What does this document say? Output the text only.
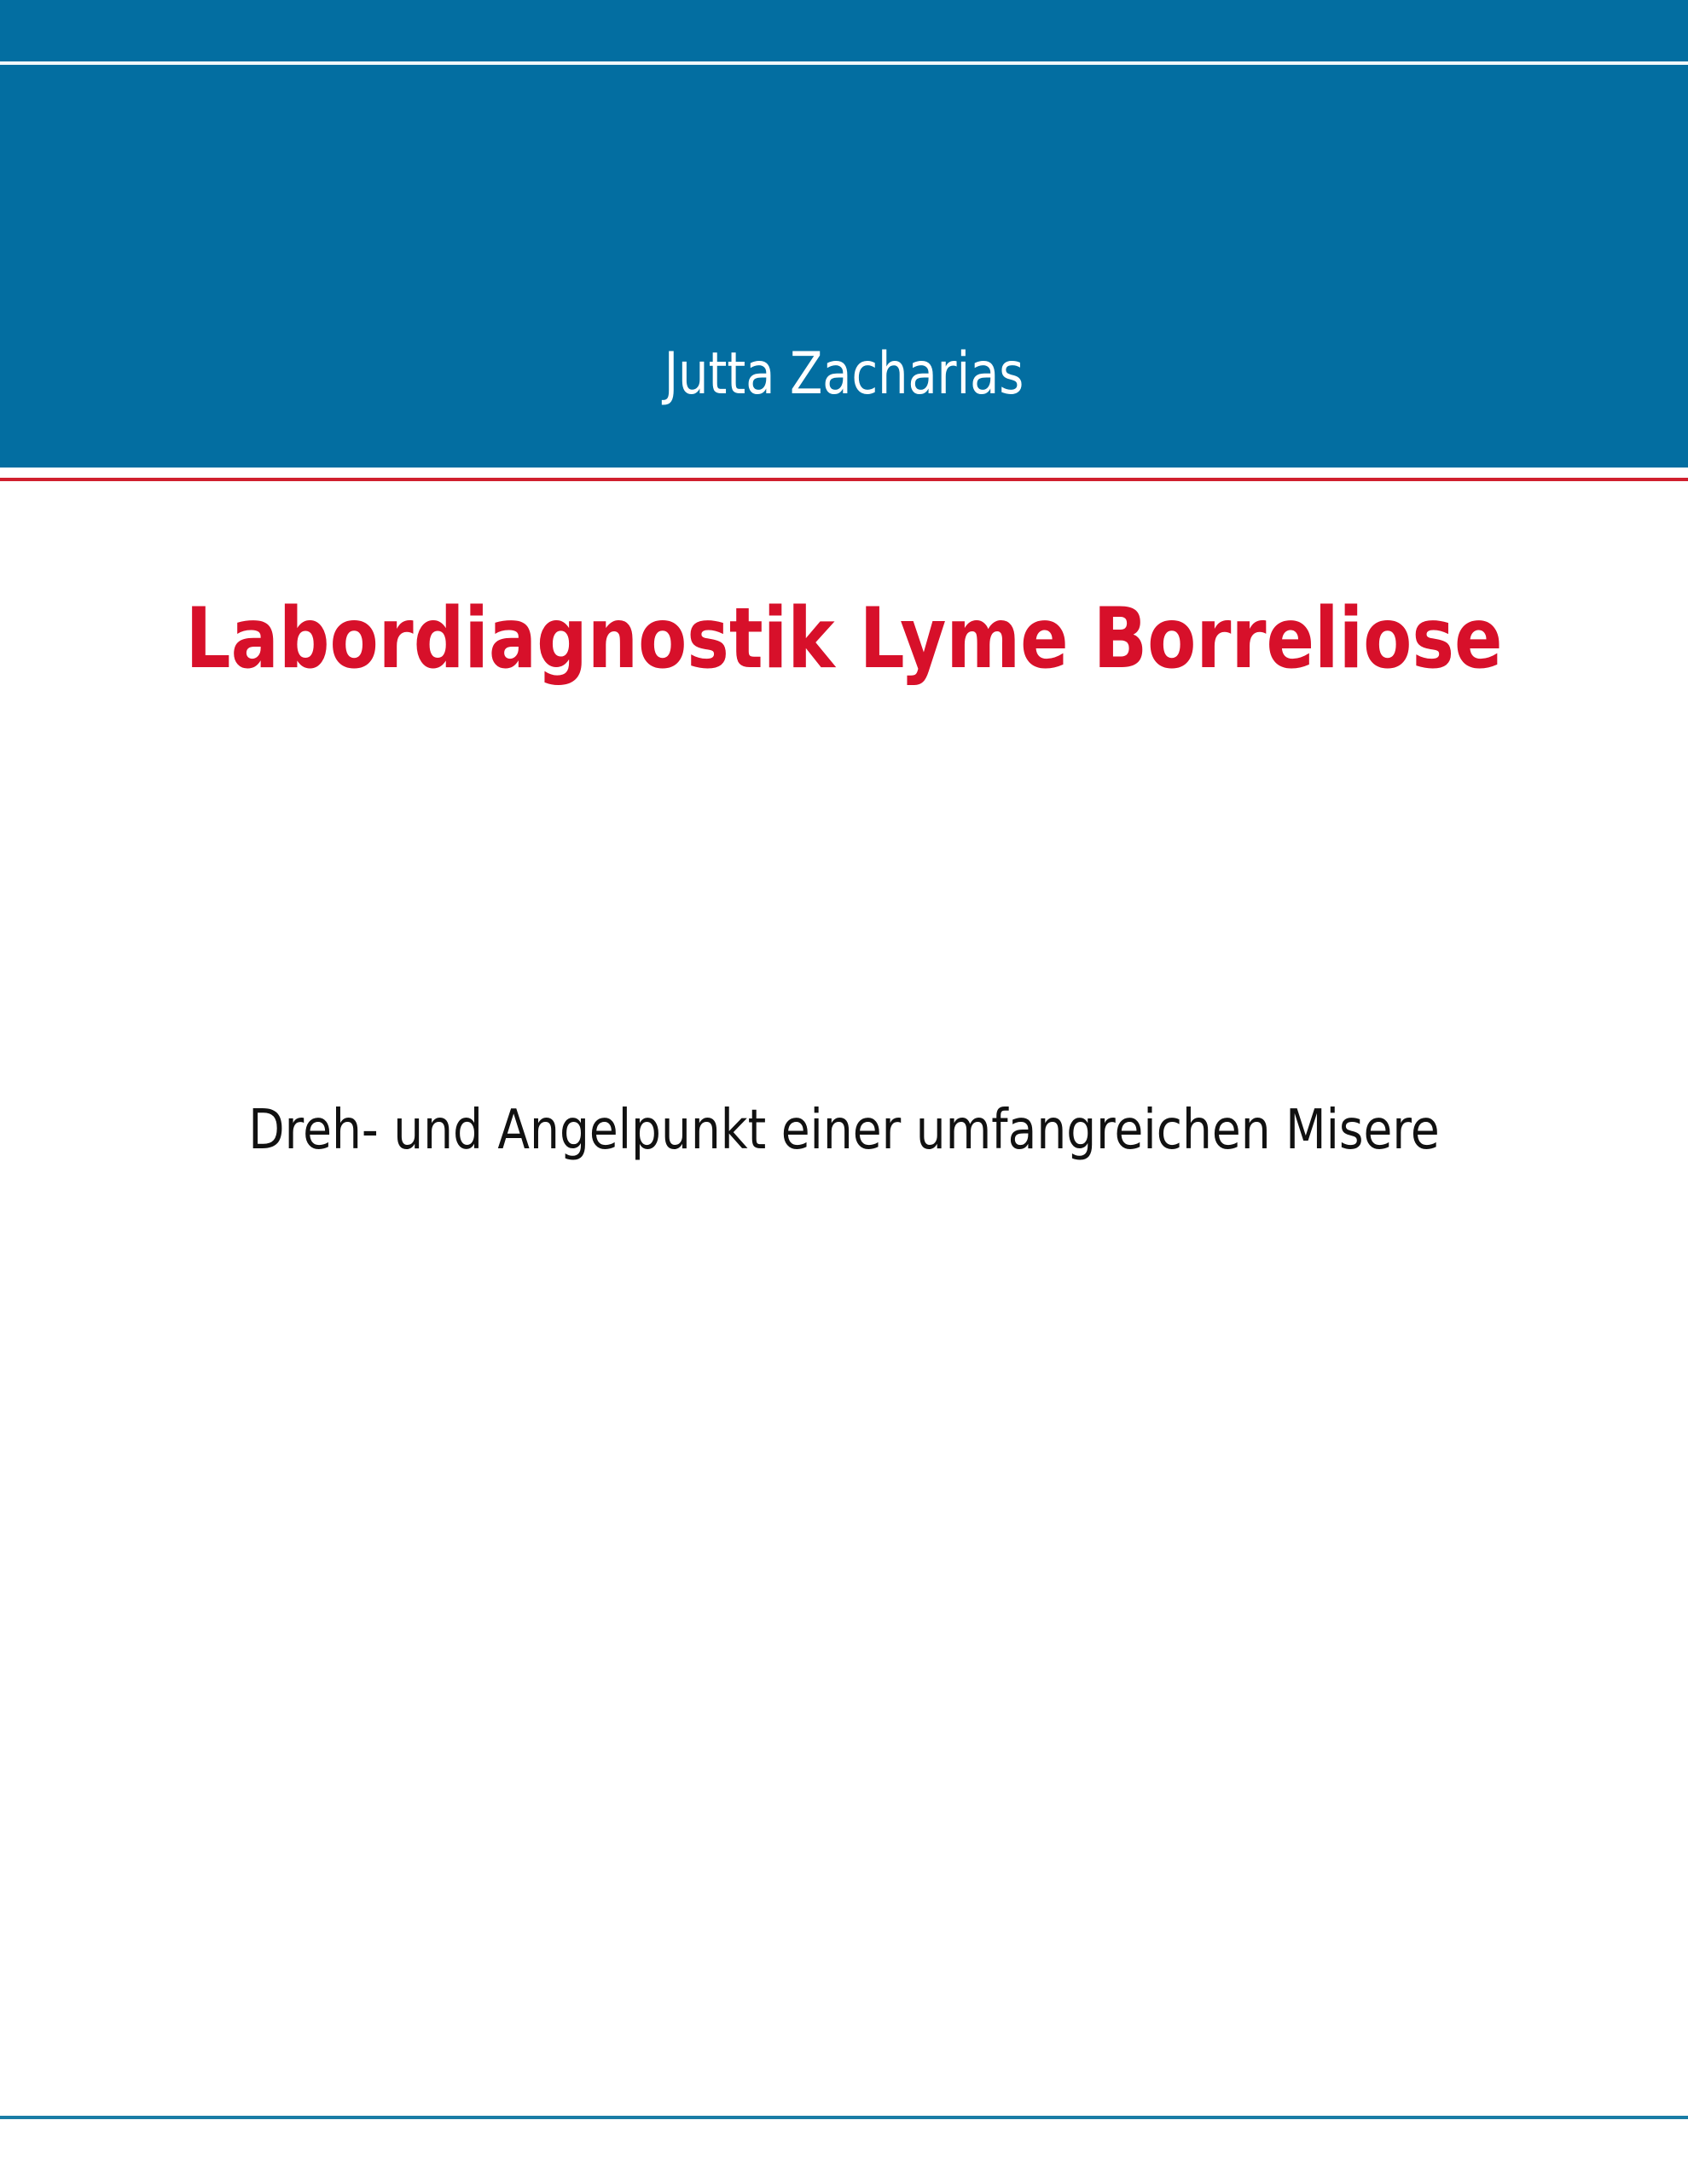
Jutta Zacharias
Labordiagnostik Lyme Borreliose
Dreh- und Angelpunkt einer umfangreichen Misere
